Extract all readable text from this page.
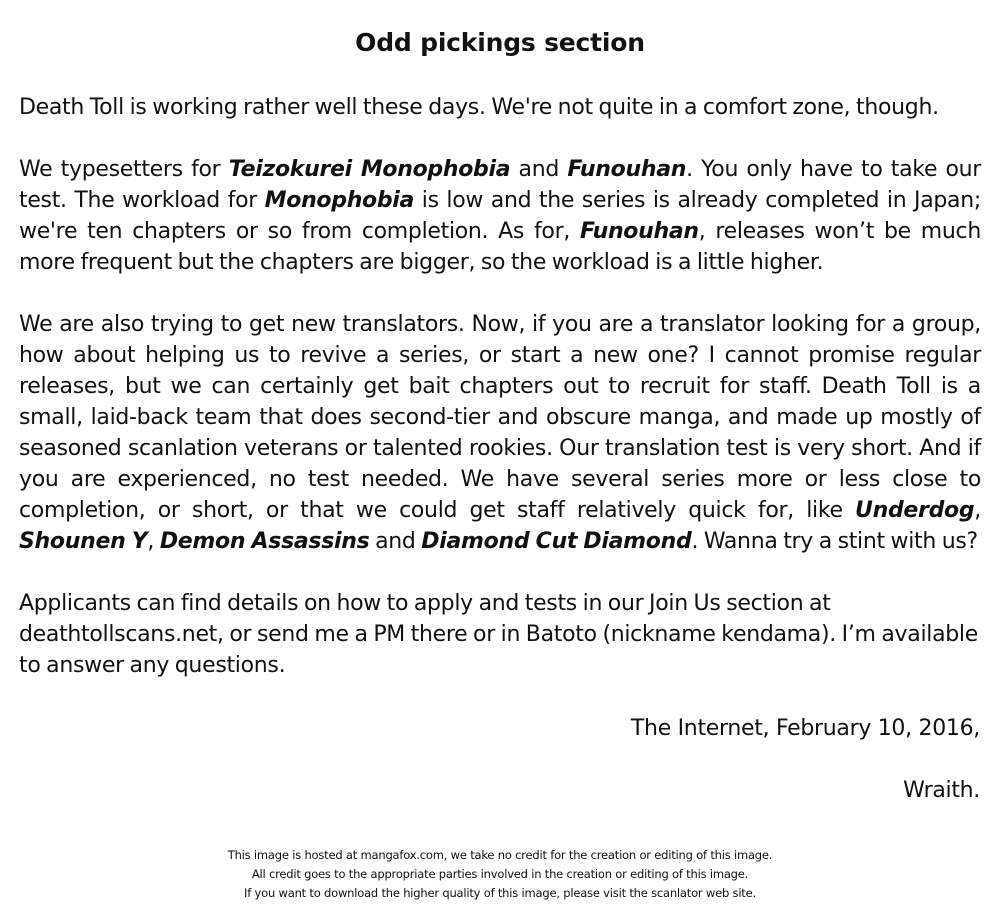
Odd pickings section

Death Toll is working rather well these days. We're not quite in a comfort zone, though.

We typesetters for Teizokurei Monophobia and Funouhan. You only have to take our test. The workload for Monophobia is low and the series is already completed in Japan; we're ten chapters or so from completion. As for, Funouhan, releases won’t be much more frequent but the chapters are bigger, so the workload is a little higher.

We are also trying to get new translators. Now, if you are a translator looking for a group, how about helping us to revive a series, or start a new one? I cannot promise regular releases, but we can certainly get bait chapters out to recruit for staff. Death Toll is a small, laid-back team that does second-tier and obscure manga, and made up mostly of seasoned scanlation veterans or talented rookies. Our translation test is very short. And if you are experienced, no test needed. We have several series more or less close to completion, or short, or that we could get staff relatively quick for, like Underdog, Shounen Y, Demon Assassins and Diamond Cut Diamond. Wanna try a stint with us?

Applicants can find details on how to apply and tests in our Join Us section at deathtollscans.net, or send me a PM there or in Batoto (nickname kendama). I’m available to answer any questions.

The Internet, February 10, 2016,
Wraith.
This image is hosted at mangafox.com, we take no credit for the creation or editing of this image.
All credit goes to the appropriate parties involved in the creation or editing of this image.
If you want to download the higher quality of this image, please visit the scanlator web site.
